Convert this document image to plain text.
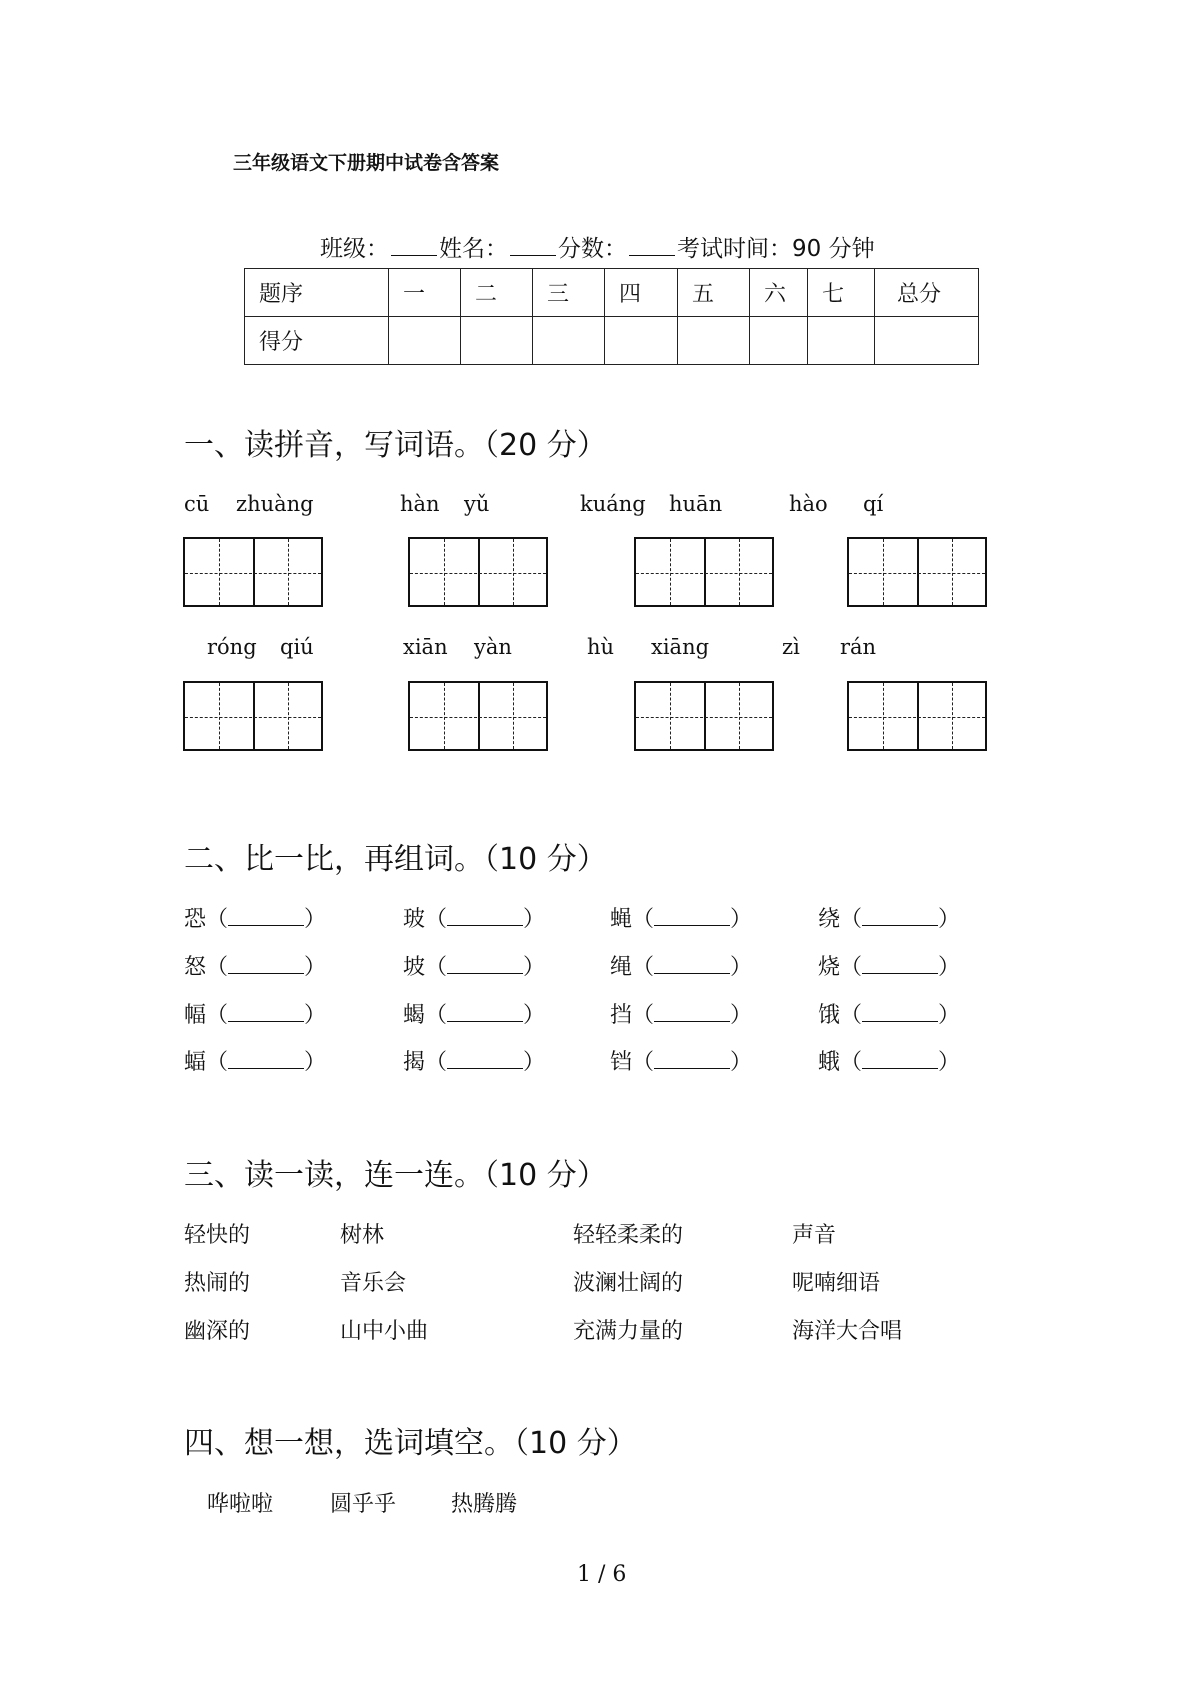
三年级语文下册期中试卷含答案
班级： 姓名： 分数： 考试时间：90 分钟
题序	一	二	三	四	五	六	七	总分
得分								
一、读拼音，写词语。（20 分）
cū zhuàng	hàn yǔ	kuáng huān	hào qí
róng qiú	xiān yàn	hù xiāng	zì rán
二、比一比，再组词。（10 分）
恐（	）	玻（	）	蝇（	）	绕（	）
怒（	）	坡（	）	绳（	）	烧（	）
幅（	）	蝎（	）	挡（	）	饿（	）
蝠（	）	揭（	）	铛（	）	蛾（	）
三、读一读，连一连。（10 分）
轻快的	树林	轻轻柔柔的	声音
热闹的	音乐会	波澜壮阔的	呢喃细语
幽深的	山中小曲	充满力量的	海洋大合唱
四、想一想，选词填空。（10 分）
哗啦啦	圆乎乎 热腾腾
1 / 6
